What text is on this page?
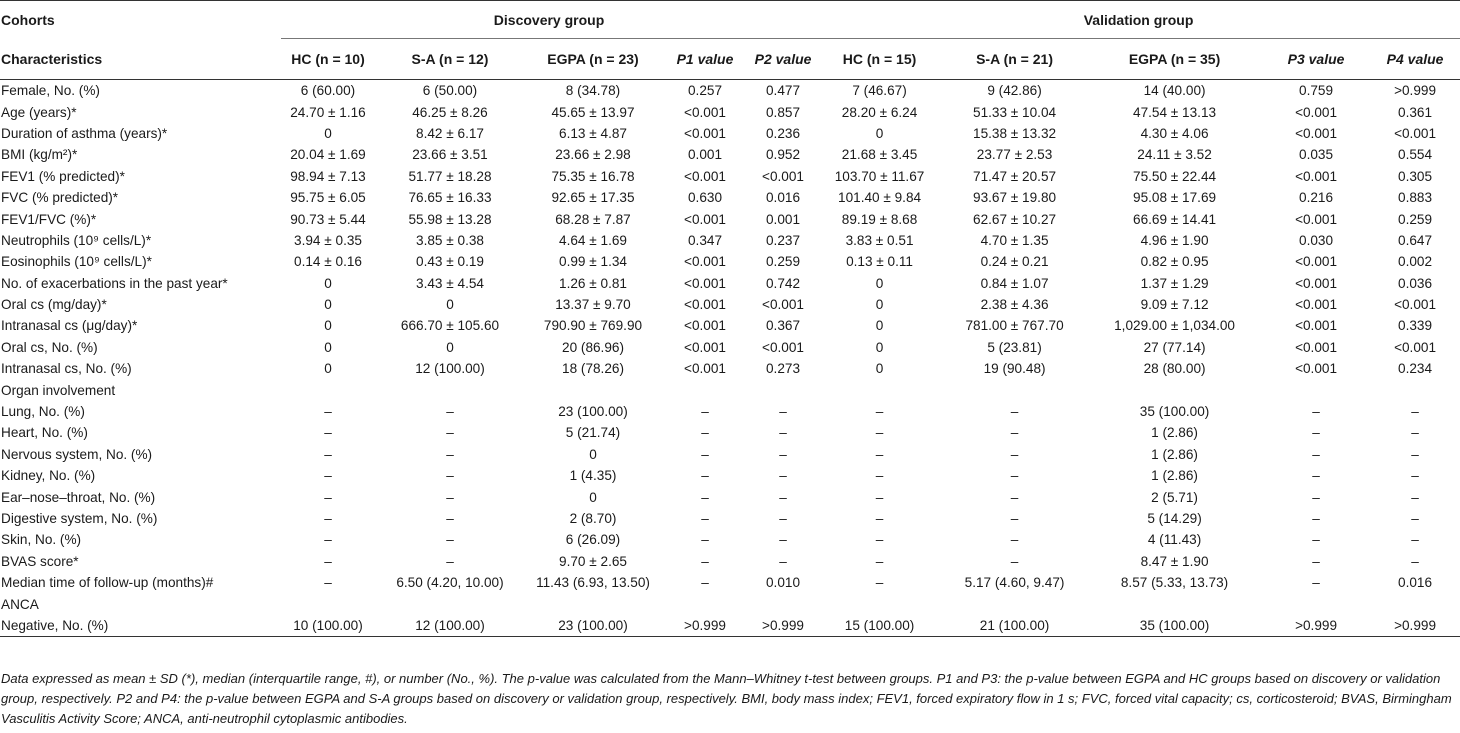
Cohorts	Discovery group					Validation group				
Characteristics	HC (n = 10)	S-A (n = 12)	EGPA (n = 23)	P1 value	P2 value	HC (n = 15)	S-A (n = 21)	EGPA (n = 35)	P3 value	P4 value
Female, No. (%)	6 (60.00)	6 (50.00)	8 (34.78)	0.257	0.477	7 (46.67)	9 (42.86)	14 (40.00)	0.759	>0.999
Age (years)*	24.70 ± 1.16	46.25 ± 8.26	45.65 ± 13.97	<0.001	0.857	28.20 ± 6.24	51.33 ± 10.04	47.54 ± 13.13	<0.001	0.361
Duration of asthma (years)*	0	8.42 ± 6.17	6.13 ± 4.87	<0.001	0.236	0	15.38 ± 13.32	4.30 ± 4.06	<0.001	<0.001
BMI (kg/m²)*	20.04 ± 1.69	23.66 ± 3.51	23.66 ± 2.98	0.001	0.952	21.68 ± 3.45	23.77 ± 2.53	24.11 ± 3.52	0.035	0.554
FEV1 (% predicted)*	98.94 ± 7.13	51.77 ± 18.28	75.35 ± 16.78	<0.001	<0.001	103.70 ± 11.67	71.47 ± 20.57	75.50 ± 22.44	<0.001	0.305
FVC (% predicted)*	95.75 ± 6.05	76.65 ± 16.33	92.65 ± 17.35	0.630	0.016	101.40 ± 9.84	93.67 ± 19.80	95.08 ± 17.69	0.216	0.883
FEV1/FVC (%)*	90.73 ± 5.44	55.98 ± 13.28	68.28 ± 7.87	<0.001	0.001	89.19 ± 8.68	62.67 ± 10.27	66.69 ± 14.41	<0.001	0.259
Neutrophils (10⁹ cells/L)*	3.94 ± 0.35	3.85 ± 0.38	4.64 ± 1.69	0.347	0.237	3.83 ± 0.51	4.70 ± 1.35	4.96 ± 1.90	0.030	0.647
Eosinophils (10⁹ cells/L)*	0.14 ± 0.16	0.43 ± 0.19	0.99 ± 1.34	<0.001	0.259	0.13 ± 0.11	0.24 ± 0.21	0.82 ± 0.95	<0.001	0.002
No. of exacerbations in the past year*	0	3.43 ± 4.54	1.26 ± 0.81	<0.001	0.742	0	0.84 ± 1.07	1.37 ± 1.29	<0.001	0.036
Oral cs (mg/day)*	0	0	13.37 ± 9.70	<0.001	<0.001	0	2.38 ± 4.36	9.09 ± 7.12	<0.001	<0.001
Intranasal cs (μg/day)*	0	666.70 ± 105.60	790.90 ± 769.90	<0.001	0.367	0	781.00 ± 767.70	1,029.00 ± 1,034.00	<0.001	0.339
Oral cs, No. (%)	0	0	20 (86.96)	<0.001	<0.001	0	5 (23.81)	27 (77.14)	<0.001	<0.001
Intranasal cs, No. (%)	0	12 (100.00)	18 (78.26)	<0.001	0.273	0	19 (90.48)	28 (80.00)	<0.001	0.234
Organ involvement										
Lung, No. (%)	–	–	23 (100.00)	–	–	–	–	35 (100.00)	–	–
Heart, No. (%)	–	–	5 (21.74)	–	–	–	–	1 (2.86)	–	–
Nervous system, No. (%)	–	–	0	–	–	–	–	1 (2.86)	–	–
Kidney, No. (%)	–	–	1 (4.35)	–	–	–	–	1 (2.86)	–	–
Ear–nose–throat, No. (%)	–	–	0	–	–	–	–	2 (5.71)	–	–
Digestive system, No. (%)	–	–	2 (8.70)	–	–	–	–	5 (14.29)	–	–
Skin, No. (%)	–	–	6 (26.09)	–	–	–	–	4 (11.43)	–	–
BVAS score*	–	–	9.70 ± 2.65	–	–	–	–	8.47 ± 1.90	–	–
Median time of follow-up (months)#	–	6.50 (4.20, 10.00)	11.43 (6.93, 13.50)	–	0.010	–	5.17 (4.60, 9.47)	8.57 (5.33, 13.73)	–	0.016
ANCA										
Negative, No. (%)	10 (100.00)	12 (100.00)	23 (100.00)	>0.999	>0.999	15 (100.00)	21 (100.00)	35 (100.00)	>0.999	>0.999
Data expressed as mean ± SD (*), median (interquartile range, #), or number (No., %). The p-value was calculated from the Mann–Whitney t-test between groups. P1 and P3: the p-value between EGPA and HC groups based on discovery or validation group, respectively. P2 and P4: the p-value between EGPA and S-A groups based on discovery or validation group, respectively. BMI, body mass index; FEV1, forced expiratory flow in 1 s; FVC, forced vital capacity; cs, corticosteroid; BVAS, Birmingham Vasculitis Activity Score; ANCA, anti-neutrophil cytoplasmic antibodies.
